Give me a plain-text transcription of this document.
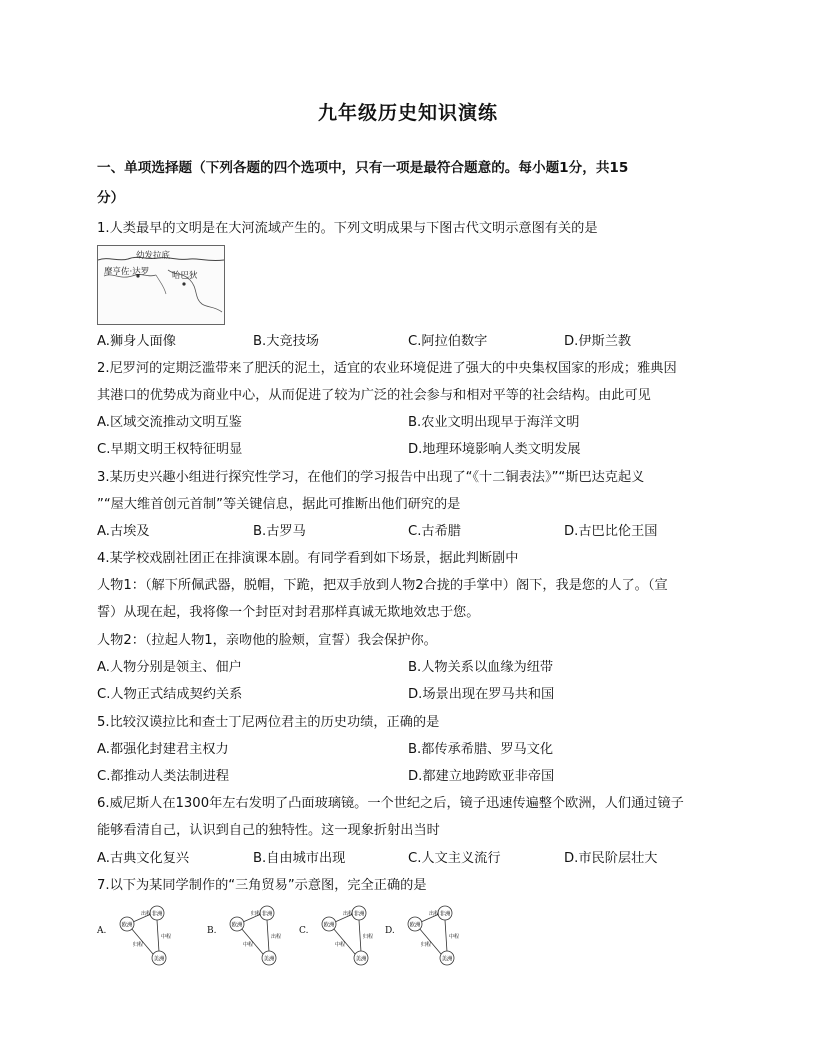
九年级历史知识演练
一、单项选择题（下列各题的四个选项中，只有一项是最符合题意的。每小题1分，共15
分）
1.人类最早的文明是在大河流域产生的。下列文明成果与下图古代文明示意图有关的是
幼发拉底
摩亨佐·达罗	哈巴狄
A.狮身人面像	B.大竞技场	C.阿拉伯数字	D.伊斯兰教
2.尼罗河的定期泛滥带来了肥沃的泥土，适宜的农业环境促进了强大的中央集权国家的形成；雅典因
其港口的优势成为商业中心，从而促进了较为广泛的社会参与和相对平等的社会结构。由此可见
A.区域交流推动文明互鉴	B.农业文明出现早于海洋文明
C.早期文明王权特征明显	D.地理环境影响人类文明发展
3.某历史兴趣小组进行探究性学习，在他们的学习报告中出现了“《十二铜表法》”“斯巴达克起义
”“屋大维首创元首制”等关键信息，据此可推断出他们研究的是
A.古埃及	B.古罗马	C.古希腊	D.古巴比伦王国
4.某学校戏剧社团正在排演课本剧。有同学看到如下场景，据此判断剧中
人物1：（解下所佩武器，脱帽，下跪，把双手放到人物2合拢的手掌中）阁下，我是您的人了。（宣
誓）从现在起，我将像一个封臣对封君那样真诚无欺地效忠于您。
人物2：（拉起人物1，亲吻他的脸颊，宣誓）我会保护你。
A.人物分别是领主、佃户	B.人物关系以血缘为纽带
C.人物正式结成契约关系	D.场景出现在罗马共和国
5.比较汉谟拉比和查士丁尼两位君主的历史功绩，正确的是
A.都强化封建君主权力	B.都传承希腊、罗马文化
C.都推动人类法制进程	D.都建立地跨欧亚非帝国
6.威尼斯人在1300年左右发明了凸面玻璃镜。一个世纪之后，镜子迅速传遍整个欧洲，人们通过镜子
能够看清自己，认识到自己的独特性。这一现象折射出当时
A.古典文化复兴	B.自由城市出现	C.人文主义流行	D.市民阶层壮大
7.以下为某同学制作的“三角贸易”示意图，完全正确的是
A.
欧洲
非洲
美洲
出程
中程
归程
B.
欧洲
非洲
美洲
归程
出程
中程
C.
欧洲
非洲
美洲
出程
归程
中程
D.
欧洲
非洲
美洲
出程
中程
归程
